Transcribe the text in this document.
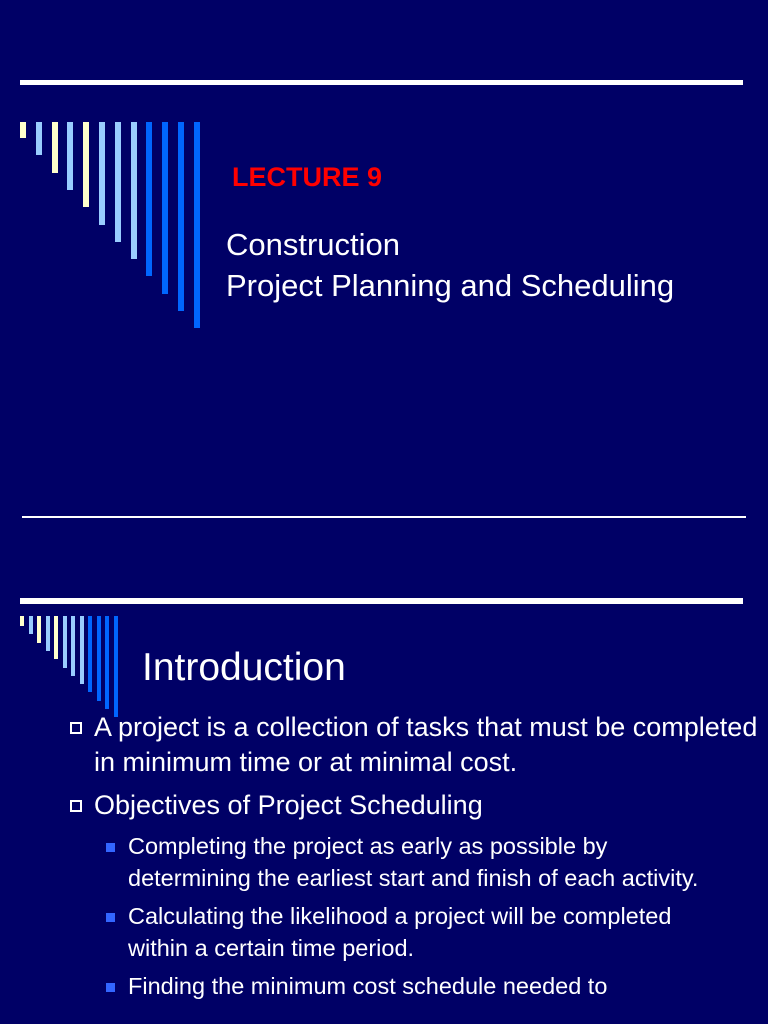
LECTURE 9
Construction
Project Planning and Scheduling
Introduction
A project is a collection of tasks that must be completed in minimum time or at minimal cost.
Objectives of Project Scheduling
Completing the project as early as possible by determining the earliest start and finish of each activity.
Calculating the likelihood a project will be completed within a certain time period.
Finding the minimum cost schedule needed to
